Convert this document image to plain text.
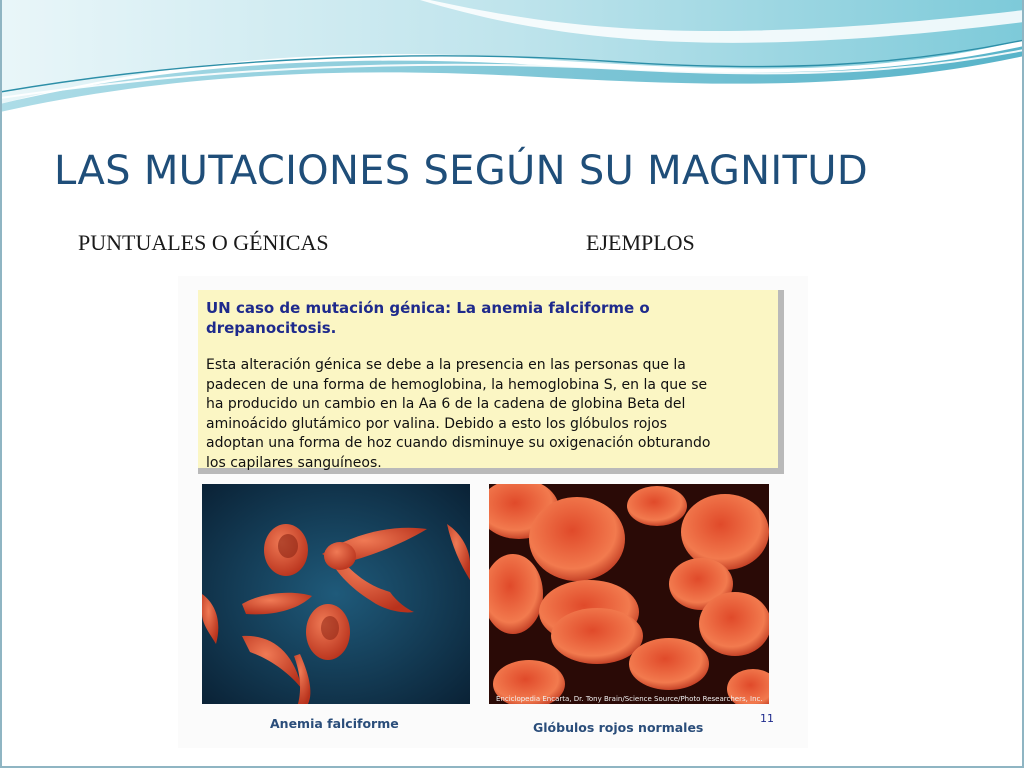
LAS MUTACIONES SEGÚN SU MAGNITUD
PUNTUALES O GÉNICAS	EJEMPLOS

UN caso de mutación génica: La anemia falciforme o
drepanocitosis.

Esta alteración génica se debe a la presencia en las personas que la
padecen de una forma de hemoglobina, la hemoglobina S, en la que se
ha producido un cambio en la Aa 6 de la cadena de globina Beta del
aminoácido glutámico por valina. Debido a esto los glóbulos rojos
adoptan una forma de hoz cuando disminuye su oxigenación obturando
los capilares sanguíneos.

Enciclopedia Encarta, Dr. Tony Brain/Science Source/Photo Researchers, Inc.
Anemia falciforme	Glóbulos rojos normales
11
